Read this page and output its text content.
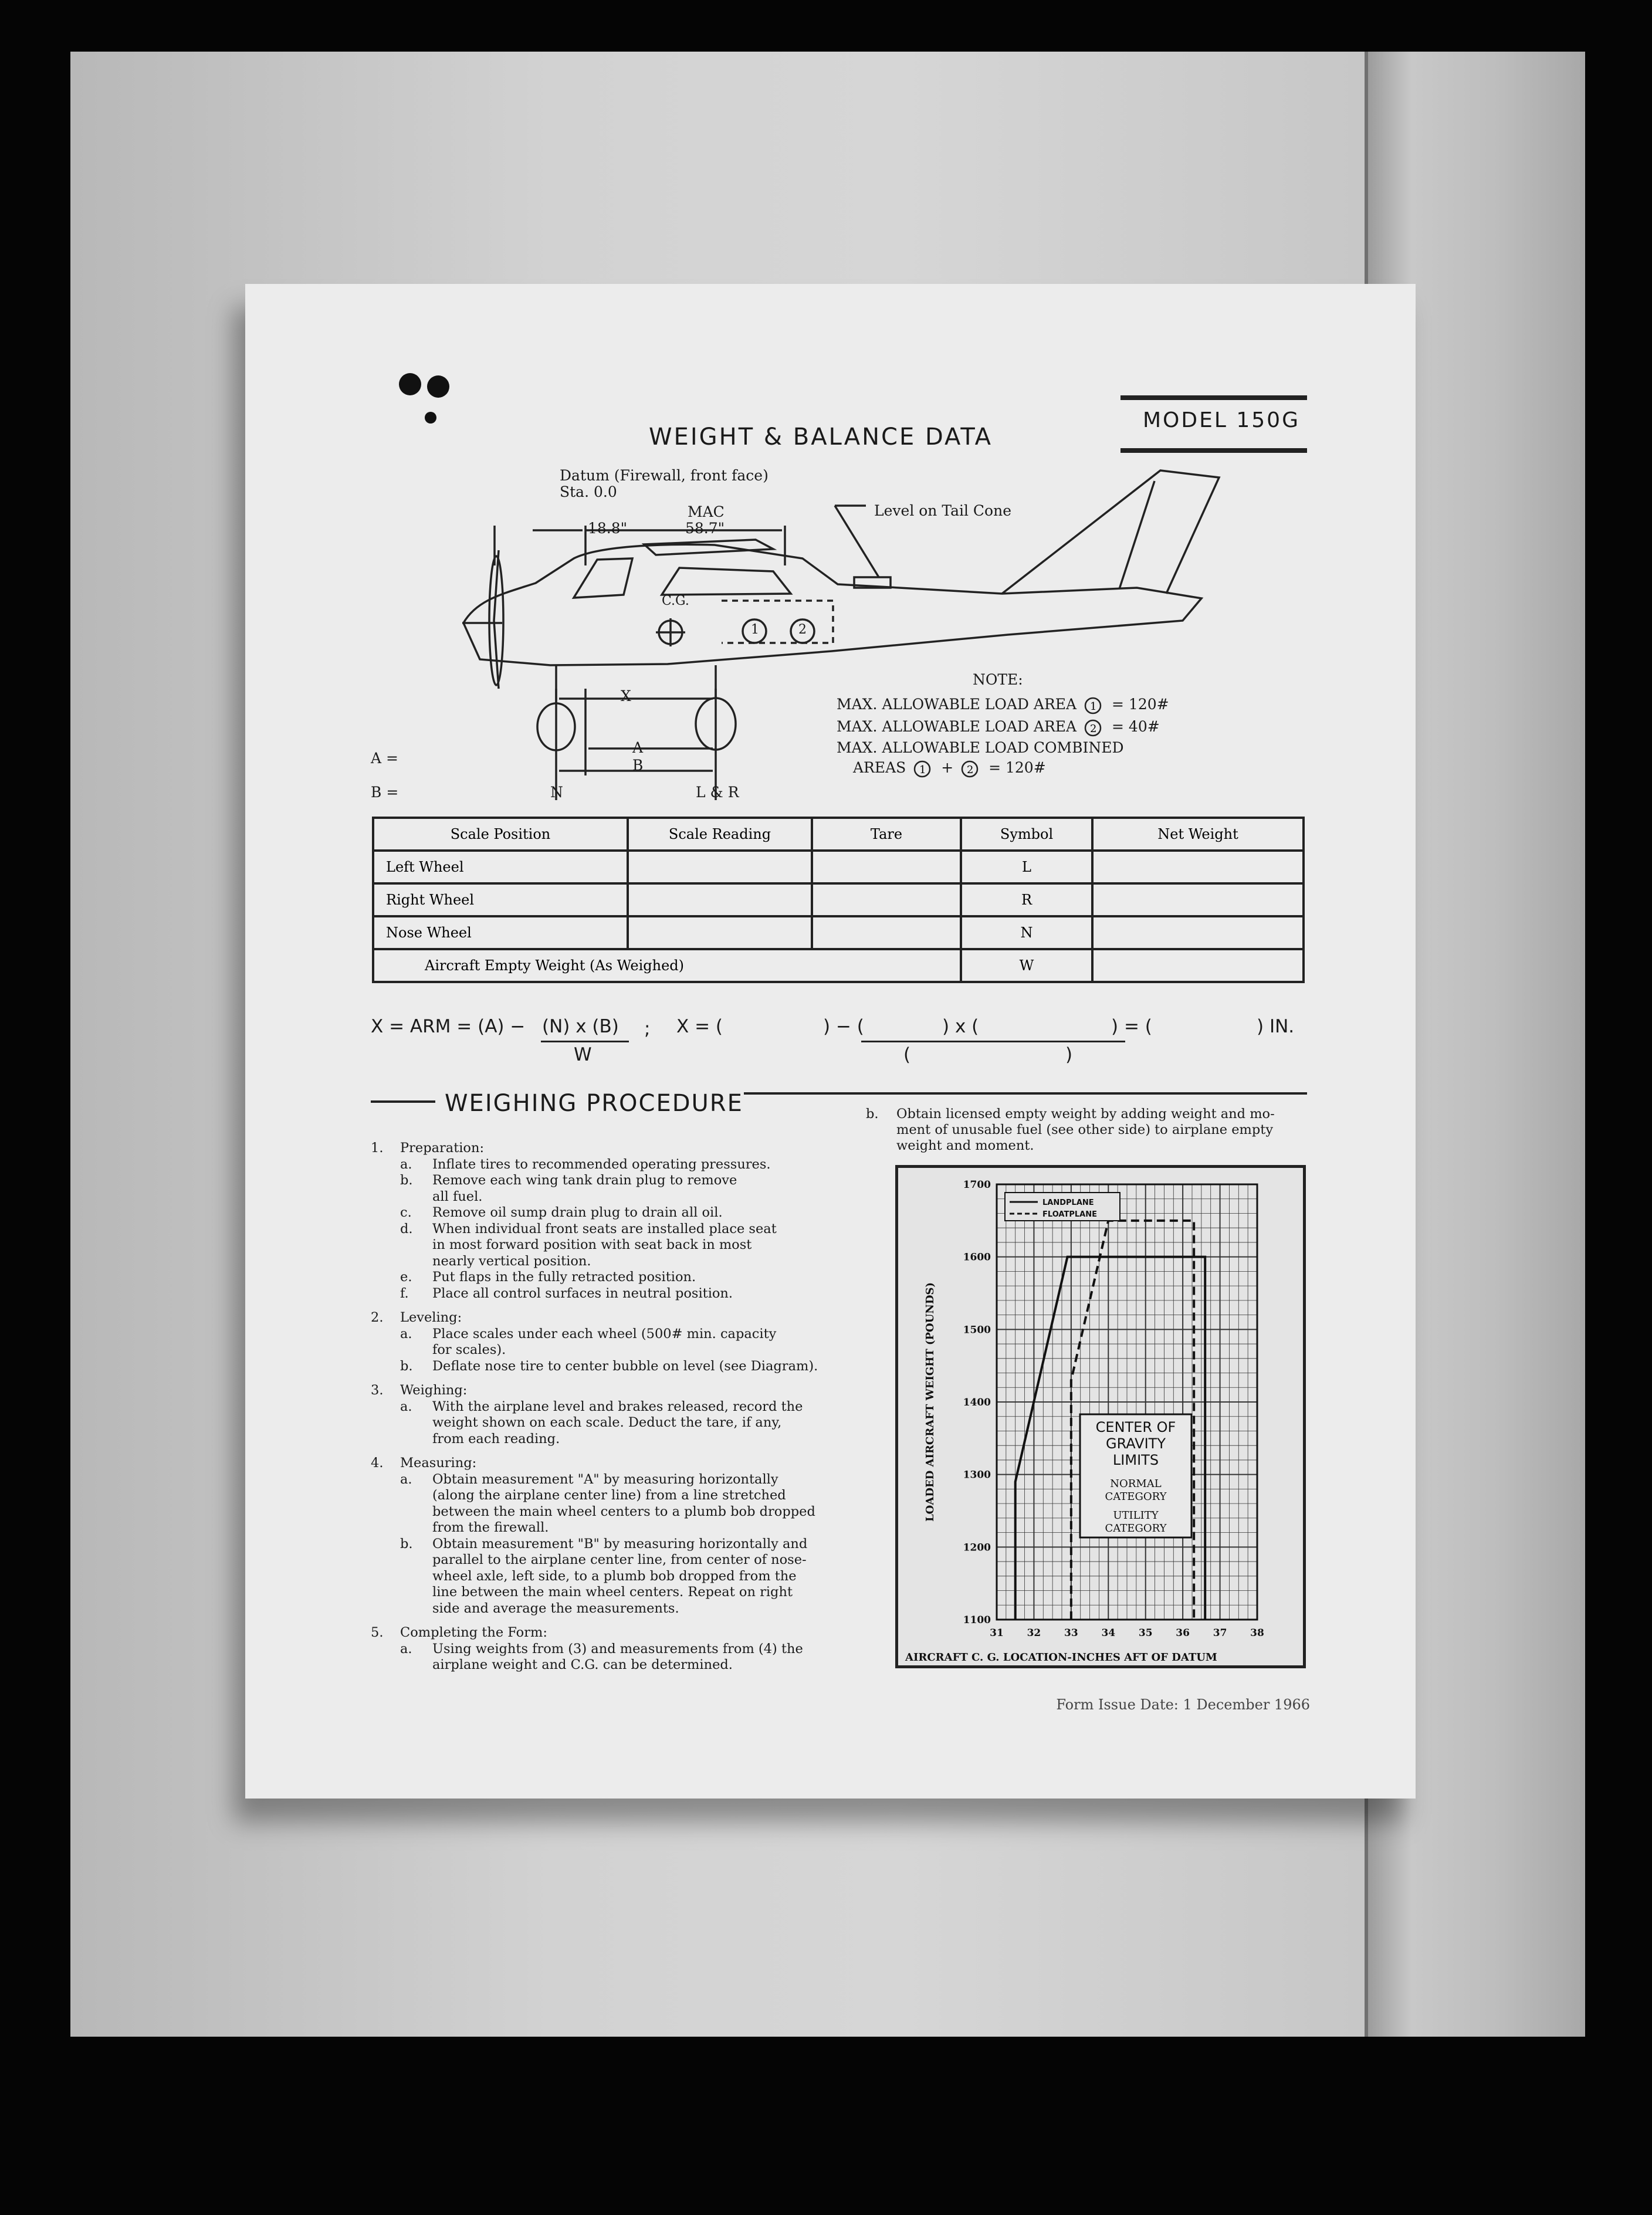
WEIGHT & BALANCE DATA
MODEL 150G
Datum (Firewall, front face)
Sta. 0.0
MAC
58.7"
18.8"
Level on Tail Cone
C.G.
1	2
X
A
B
N	L & R
A =
B =
NOTE:
MAX. ALLOWABLE LOAD AREA 1 = 120#
MAX. ALLOWABLE LOAD AREA 2 = 40#
MAX. ALLOWABLE LOAD COMBINED
AREAS 1 + 2 = 120#
Scale Position	Scale Reading	Tare	Symbol	Net Weight
Left Wheel			L	
Right Wheel			R	
Nose Wheel			N	
Aircraft Empty Weight (As Weighed)			W	
X = ARM = (A) − (N) x (B)
W
; X = (	) − (	) x (	) = (	) IN.
(	)
WEIGHING PROCEDURE
1. Preparation:
a. Inflate tires to recommended operating pressures.
b. Remove each wing tank drain plug to remove
all fuel.
c. Remove oil sump drain plug to drain all oil.
d. When individual front seats are installed place seat
in most forward position with seat back in most
nearly vertical position.
e. Put flaps in the fully retracted position.
f. Place all control surfaces in neutral position.
2. Leveling:
a. Place scales under each wheel (500# min. capacity
for scales).
b. Deflate nose tire to center bubble on level (see Diagram).
3. Weighing:
a. With the airplane level and brakes released, record the
weight shown on each scale. Deduct the tare, if any,
from each reading.
4. Measuring:
a. Obtain measurement "A" by measuring horizontally
(along the airplane center line) from a line stretched
between the main wheel centers to a plumb bob dropped
from the firewall.
b. Obtain measurement "B" by measuring horizontally and
parallel to the airplane center line, from center of nose-
wheel axle, left side, to a plumb bob dropped from the
line between the main wheel centers. Repeat on right
side and average the measurements.
5. Completing the Form:
a. Using weights from (3) and measurements from (4) the
airplane weight and C.G. can be determined.
b. Obtain licensed empty weight by adding weight and mo-
ment of unusable fuel (see other side) to airplane empty
weight and moment.
31 32 33 34 35 36 37 38
1100
1200
1300
1400
1500
1600
1700
AIRCRAFT C. G. LOCATION-INCHES AFT OF DATUM
LOADED AIRCRAFT WEIGHT (POUNDS)
LANDPLANE
FLOATPLANE
CENTER OF
GRAVITY
LIMITS
NORMAL
CATEGORY
UTILITY
CATEGORY
Form Issue Date: 1 December 1966
